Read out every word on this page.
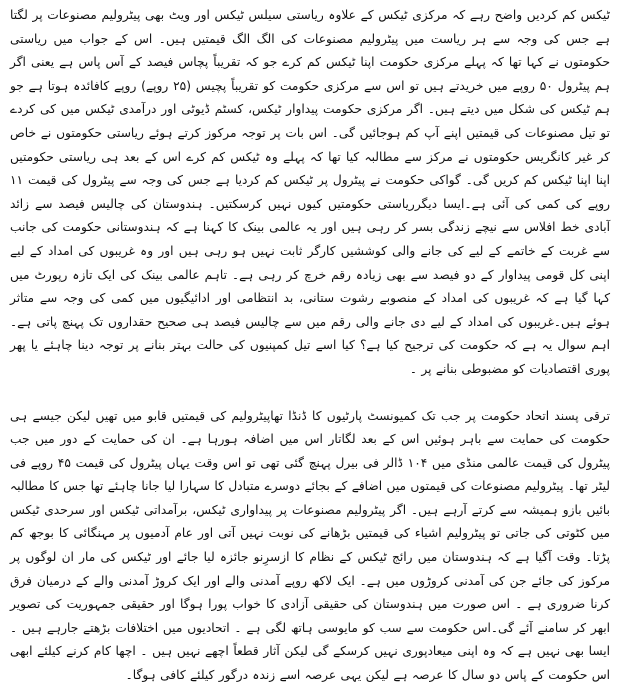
ٹیکس کم کردیں واضح رہے کہ مرکزی ٹیکس کے علاوہ ریاستی سیلس ٹیکس اور ویٹ بھی پیٹرولیم مصنوعات پر لگتا ہے جس کی وجہ سے ہر ریاست میں پیٹرولیم مصنوعات کی الگ الگ قیمتیں ہیں۔ اس کے جواب میں ریاستی حکومتوں نے کہا تھا کہ پہلے مرکزی حکومت اپنا ٹیکس کم کرے جو کہ تقریباً پچاس فیصد کے آس پاس ہے یعنی اگر ہم پیٹرول ۵۰ روپے میں خریدتے ہیں تو اس سے مرکزی حکومت کو تقریباً پچیس (۲۵ روپے) روپے کافائدہ ہوتا ہے جو ہم ٹیکس کی شکل میں دیتے ہیں۔ اگر مرکزی حکومت پیداوار ٹیکس، کسٹم ڈیوٹی اور درآمدی ٹیکس میں کی کردے تو تیل مصنوعات کی قیمتیں اپنے آپ کم ہوجائیں گی۔ اس بات پر توجہ مرکوز کرتے ہوئے ریاستی حکومتوں نے خاص کر غیر کانگریس حکومتوں نے مرکز سے مطالبہ کیا تھا کہ پہلے وہ ٹیکس کم کرے اس کے بعد ہی ریاستی حکومتیں اپنا اپنا ٹیکس کم کریں گی۔ گواکی حکومت نے پیٹرول پر ٹیکس کم کردیا ہے جس کی وجہ سے پیٹرول کی قیمت ۱۱ روپے کی کمی کی آئی ہے۔ایسا دیگرریاستی حکومتیں کیوں نہیں کرسکتیں۔ ہندوستان کی چالیس فیصد سے زائد آبادی خط افلاس سے نیچے زندگی بسر کر رہی ہیں اور یہ عالمی بینک کا کہنا ہے کہ ہندوستانی حکومت کی جانب سے غربت کے خاتمے کے لیے کی جانے والی کوششیں کارگر ثابت نہیں ہو رہی ہیں اور وہ غریبوں کی امداد کے لیے اپنی کل قومی پیداوار کے دو فیصد سے بھی زیادہ رقم خرچ کر رہی ہے۔ تاہم عالمی بینک کی ایک تازہ رپورٹ میں کہا گیا ہے کہ غریبوں کی امداد کے منصوبے رشوت ستانی، بد انتظامی اور ادائیگیوں میں کمی کی وجہ سے متاثر ہوئے ہیں۔غریبوں کی امداد کے لیے دی جانے والی رقم میں سے چالیس فیصد ہی صحیح حقداروں تک پہنچ پاتی ہے۔ اہم سوال یہ ہے کہ حکومت کی ترجیح کیا ہے؟ کیا اسے تیل کمپنیوں کی حالت بہتر بنانے پر توجہ دینا چاہئے یا پھر پوری اقتصادیات کو مضبوطی بنانے پر ۔

ترقی پسند اتحاد حکومت پر جب تک کمیونسٹ پارٹیوں کا ڈنڈا تھاپیٹرولیم کی قیمتیں قابو میں تھیں لیکن جیسے ہی حکومت کی حمایت سے باہر ہوئیں اس کے بعد لگاتار اس میں اضافہ ہورہا ہے۔ ان کی حمایت کے دور میں جب پیٹرول کی قیمت عالمی منڈی میں ۱۰۴ ڈالر فی بیرل پہنچ گئی تھی تو اس وقت یہاں پیٹرول کی قیمت ۴۵ روپے فی لیٹر تھا۔ پیٹرولیم مصنوعات کی قیمتوں میں اضافے کے بجائے دوسرے متبادل کا سہارا لیا جانا چاہئے تھا جس کا مطالبہ بائیں بازو ہمیشہ سے کرتے آرہے ہیں۔ اگر پیٹرولیم مصنوعات پر پیداواری ٹیکس، برآمداتی ٹیکس اور سرحدی ٹیکس میں کٹوتی کی جاتی تو پیٹرولیم اشیاء کی قیمتیں بڑھانے کی نوبت نہیں آتی اور عام آدمیوں پر مہنگائی کا بوجھ کم پڑتا۔ وقت آگیا ہے کہ ہندوستان میں رائج ٹیکس کے نظام کا ازسرِنو جائزہ لیا جائے اور ٹیکس کی مار ان لوگوں پر مرکوز کی جائے جن کی آمدنی کروڑوں میں ہے۔ ایک لاکھ روپے آمدنی والے اور ایک کروڑ آمدنی والے کے درمیان فرق کرنا ضروری ہے ۔ اس صورت میں ہندوستان کی حقیقی آزادی کا خواب پورا ہوگا اور حقیقی جمہوریت کی تصویر ابھر کر سامنے آئے گی۔اس حکومت سے سب کو مایوسی ہاتھ لگی ہے ۔ اتحادیوں میں اختلافات بڑھتے جارہے ہیں ۔ ایسا بھی نہیں ہے کہ وہ اپنی میعادپوری نہیں کرسکے گی لیکن آثار قطعاً اچھے نہیں ہیں ۔ اچھا کام کرنے کیلئے ابھی اس حکومت کے پاس دو سال کا عرصہ ہے لیکن یہی عرصہ اسے زندہ درگور کیلئے کافی ہوگا۔
